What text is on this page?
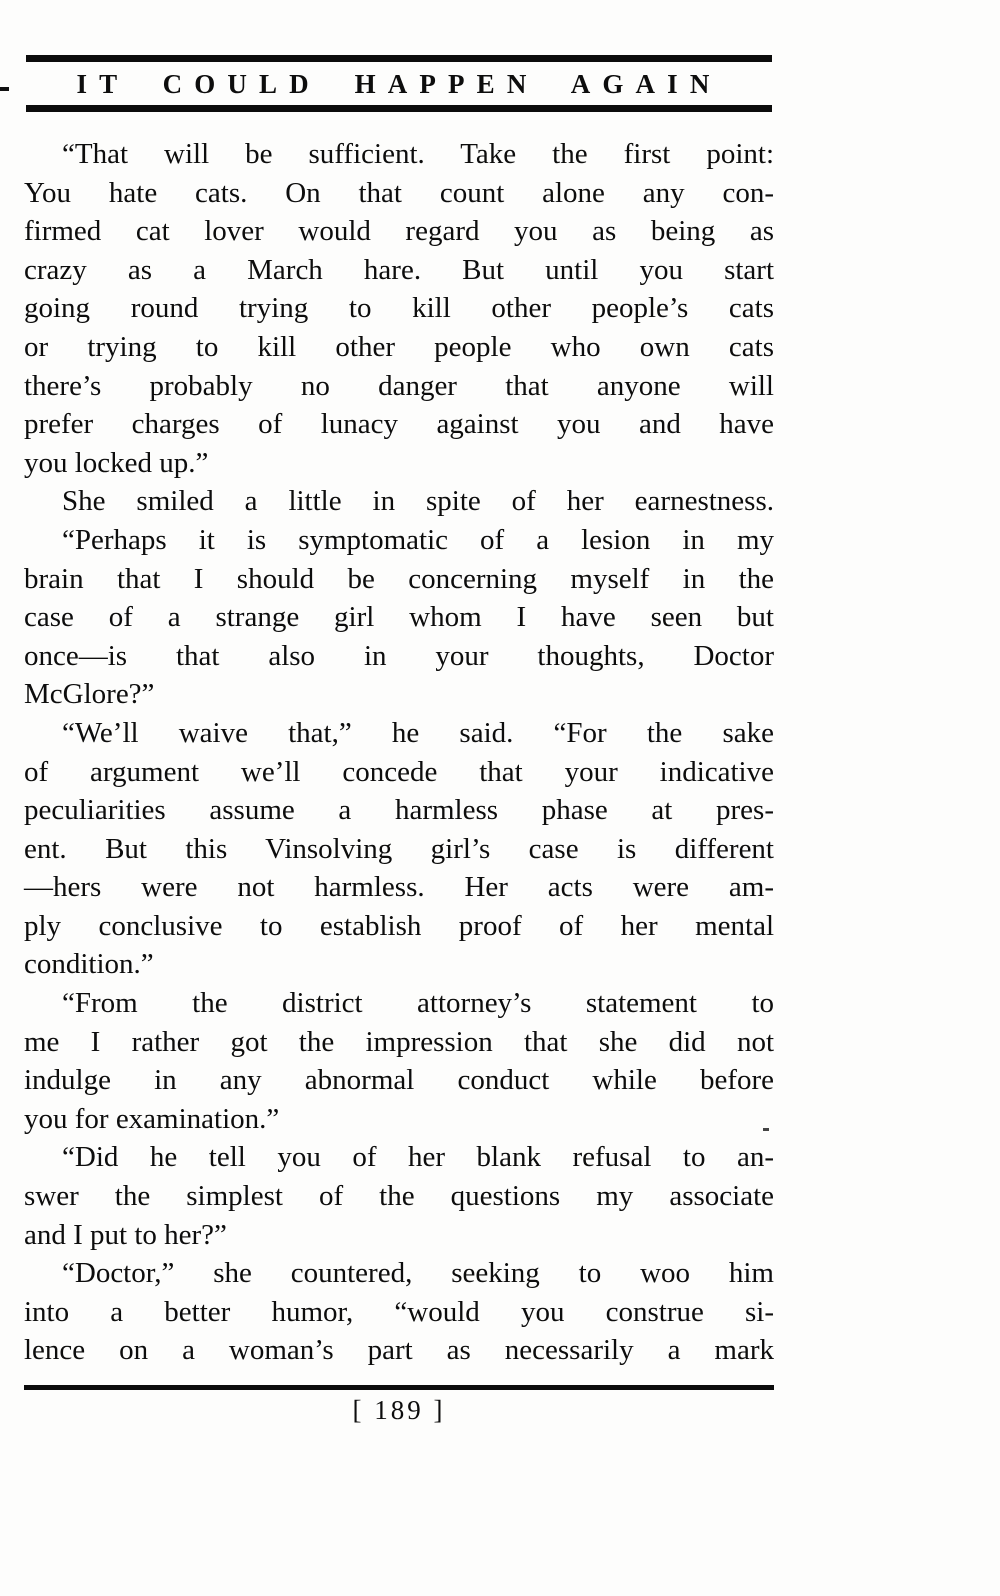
IT COULD HAPPEN AGAIN
“That will be sufficient. Take the first point:
You hate cats. On that count alone any con-
firmed cat lover would regard you as being as
crazy as a March hare. But until you start
going round trying to kill other people’s cats
or trying to kill other people who own cats
there’s probably no danger that anyone will
prefer charges of lunacy against you and have
you locked up.”
She smiled a little in spite of her earnestness.
“Perhaps it is symptomatic of a lesion in my
brain that I should be concerning myself in the
case of a strange girl whom I have seen but
once—is that also in your thoughts, Doctor
McGlore?”
“We’ll waive that,” he said. “For the sake
of argument we’ll concede that your indicative
peculiarities assume a harmless phase at pres-
ent. But this Vinsolving girl’s case is different
—hers were not harmless. Her acts were am-
ply conclusive to establish proof of her mental
condition.”
“From the district attorney’s statement to
me I rather got the impression that she did not
indulge in any abnormal conduct while before
you for examination.”
“Did he tell you of her blank refusal to an-
swer the simplest of the questions my associate
and I put to her?”
“Doctor,” she countered, seeking to woo him
into a better humor, “would you construe si-
lence on a woman’s part as necessarily a mark
[ 189 ]
